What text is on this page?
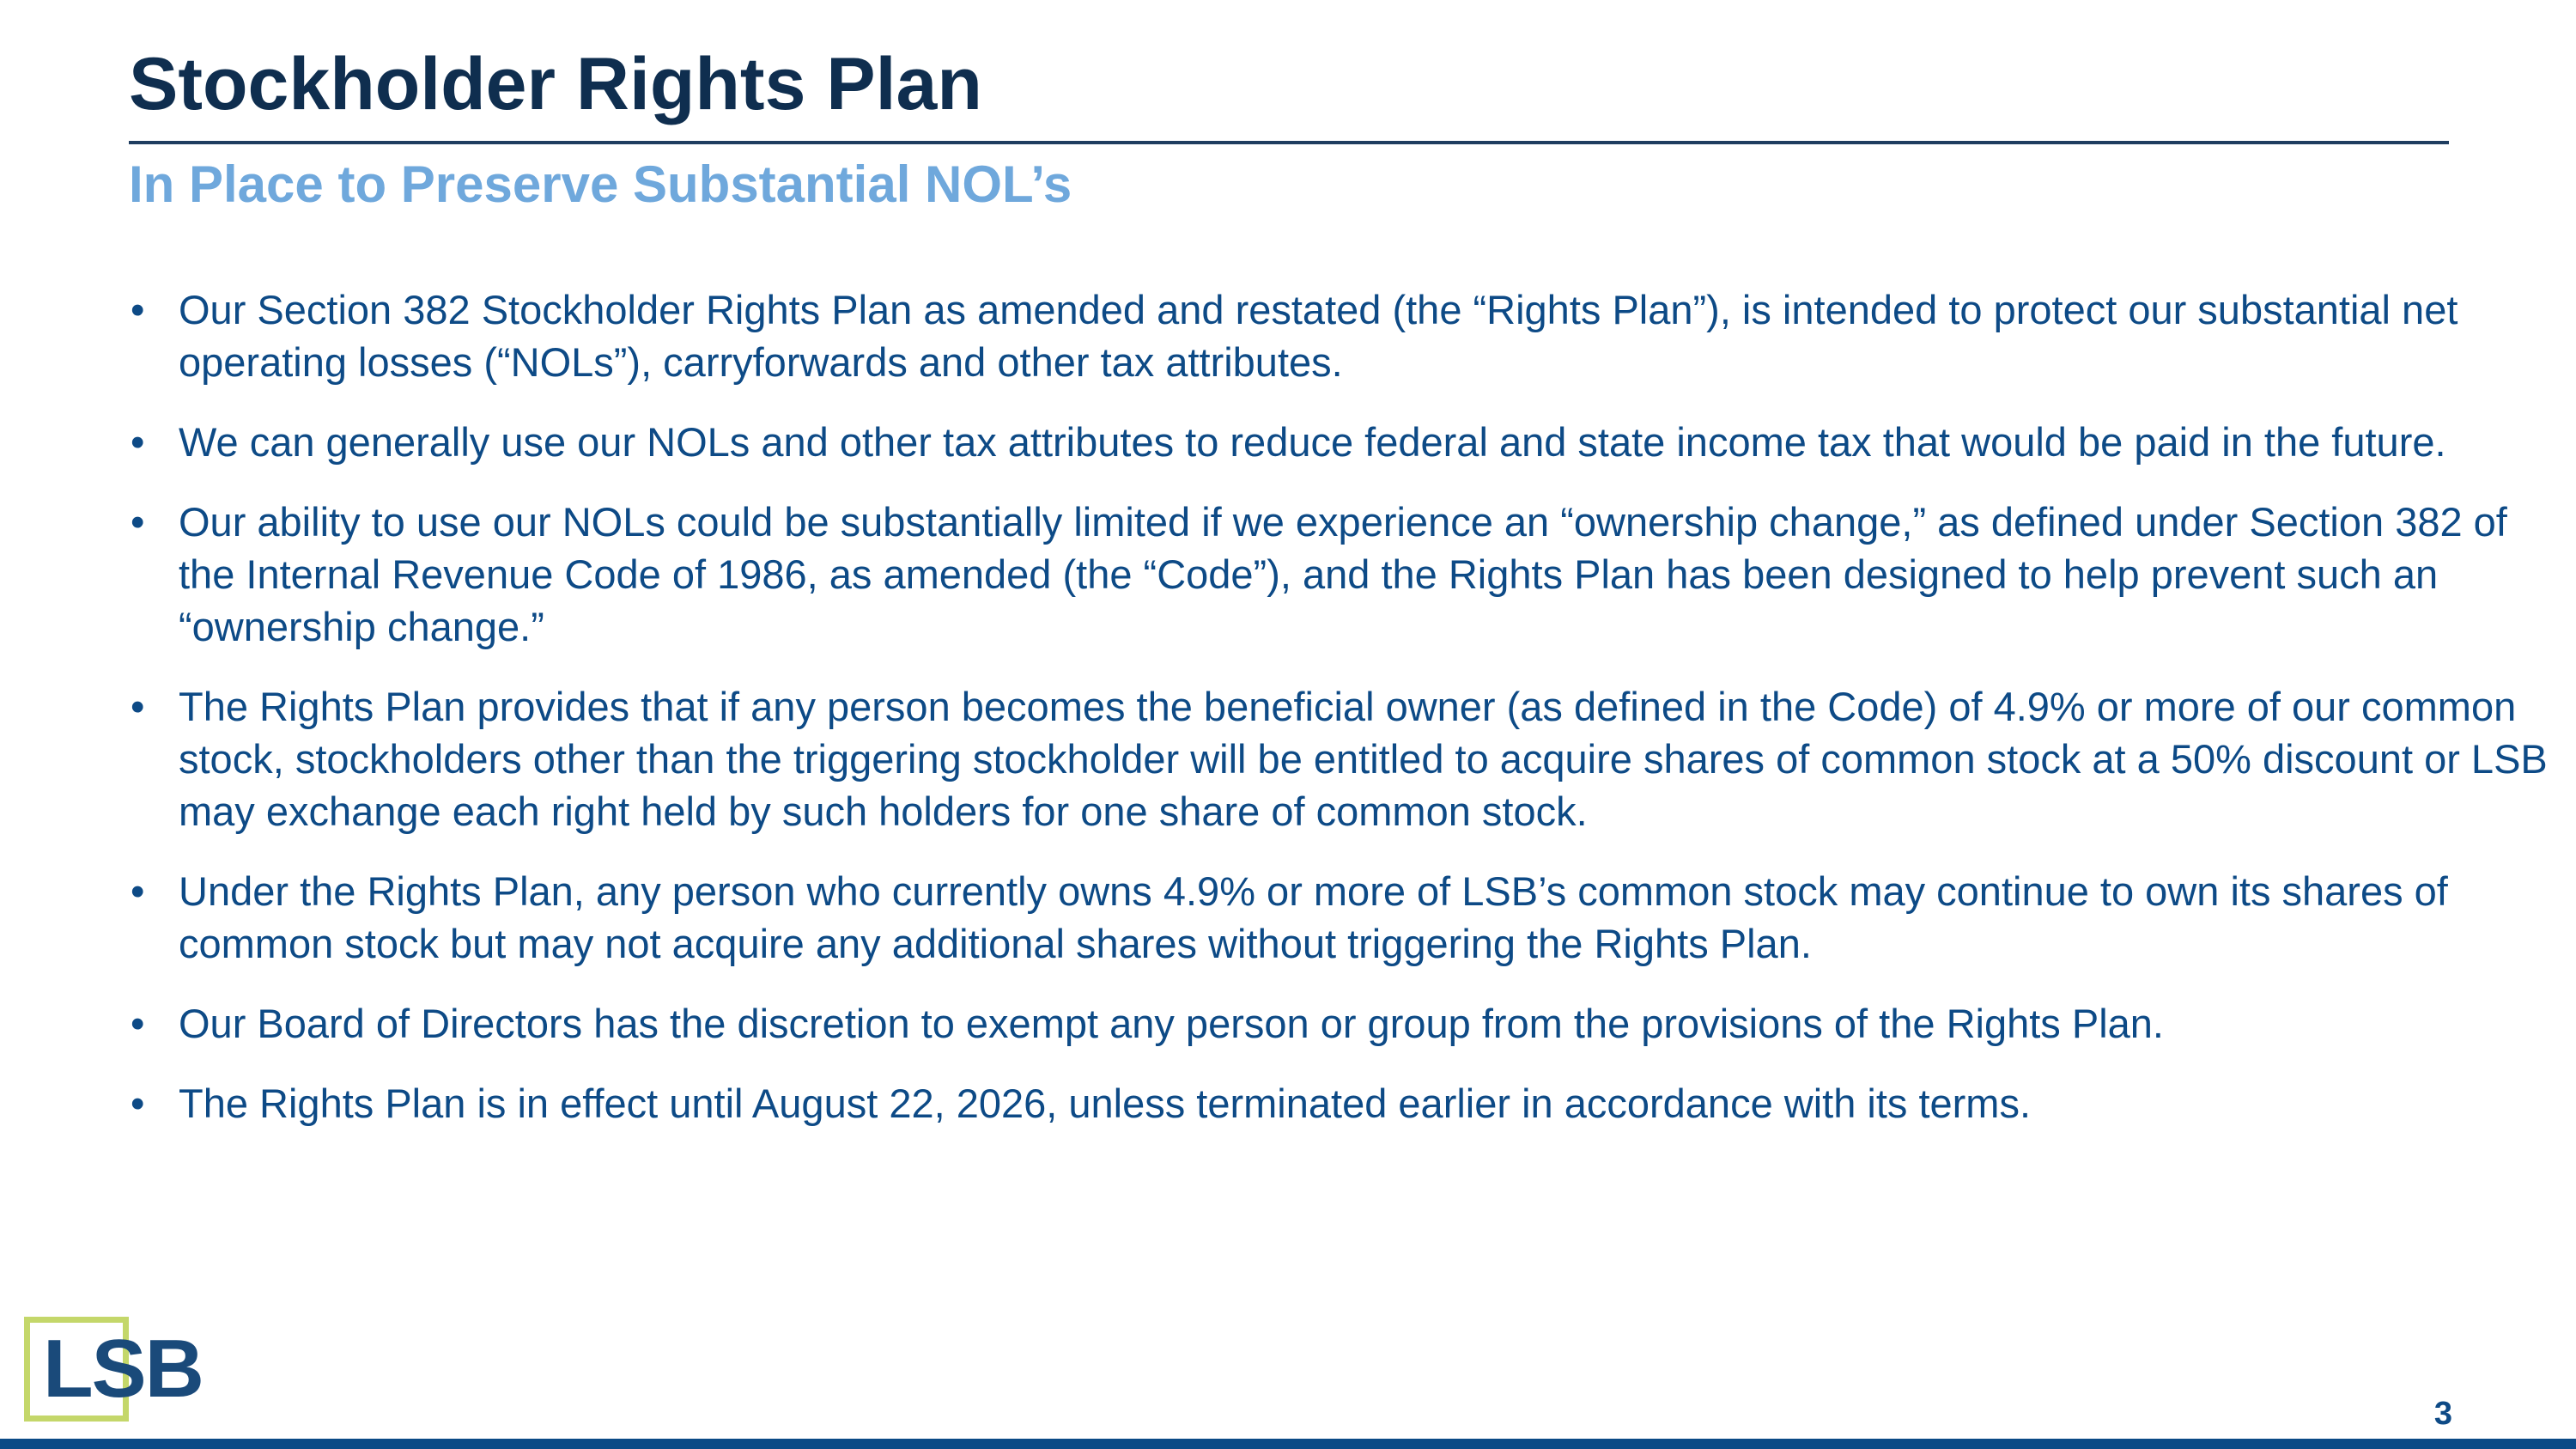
Stockholder Rights Plan
In Place to Preserve Substantial NOL’s
• Our Section 382 Stockholder Rights Plan as amended and restated (the “Rights Plan”), is intended to protect our substantial net operating losses (“NOLs”), carryforwards and other tax attributes.
• We can generally use our NOLs and other tax attributes to reduce federal and state income tax that would be paid in the future.
• Our ability to use our NOLs could be substantially limited if we experience an “ownership change,” as defined under Section 382 of the Internal Revenue Code of 1986, as amended (the “Code”), and the Rights Plan has been designed to help prevent such an “ownership change.”
• The Rights Plan provides that if any person becomes the beneficial owner (as defined in the Code) of 4.9% or more of our common stock, stockholders other than the triggering stockholder will be entitled to acquire shares of common stock at a 50% discount or LSB may exchange each right held by such holders for one share of common stock.
• Under the Rights Plan, any person who currently owns 4.9% or more of LSB’s common stock may continue to own its shares of common stock but may not acquire any additional shares without triggering the Rights Plan.
• Our Board of Directors has the discretion to exempt any person or group from the provisions of the Rights Plan.
• The Rights Plan is in effect until August 22, 2026, unless terminated earlier in accordance with its terms.
LSB	3
